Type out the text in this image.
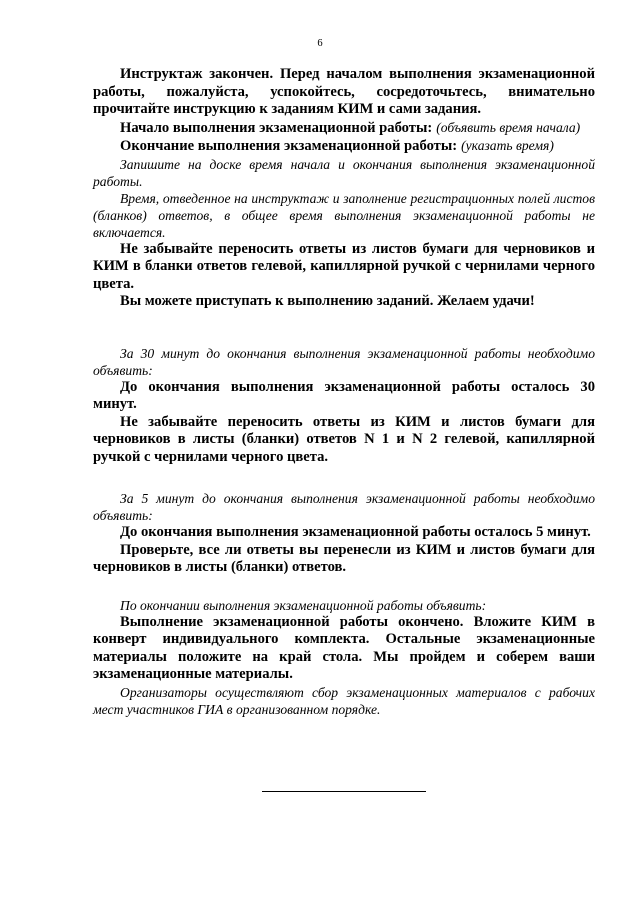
6

Инструктаж закончен. Перед началом выполнения экзаменационной работы, пожалуйста, успокойтесь, сосредоточьтесь, внимательно прочитайте инструкцию к заданиям КИМ и сами задания.

Начало выполнения экзаменационной работы: (объявить время начала)

Окончание выполнения экзаменационной работы: (указать время)

Запишите на доске время начала и окончания выполнения экзаменационной работы.

Время, отведенное на инструктаж и заполнение регистрационных полей листов (бланков) ответов, в общее время выполнения экзаменационной работы не включается.

Не забывайте переносить ответы из листов бумаги для черновиков и КИМ в бланки ответов гелевой, капиллярной ручкой с чернилами черного цвета.

Вы можете приступать к выполнению заданий. Желаем удачи!

За 30 минут до окончания выполнения экзаменационной работы необходимо объявить:

До окончания выполнения экзаменационной работы осталось 30 минут.

Не забывайте переносить ответы из КИМ и листов бумаги для черновиков в листы (бланки) ответов N 1 и N 2 гелевой, капиллярной ручкой с чернилами черного цвета.

За 5 минут до окончания выполнения экзаменационной работы необходимо объявить:

До окончания выполнения экзаменационной работы осталось 5 минут.

Проверьте, все ли ответы вы перенесли из КИМ и листов бумаги для черновиков в листы (бланки) ответов.

По окончании выполнения экзаменационной работы объявить:

Выполнение экзаменационной работы окончено. Вложите КИМ в конверт индивидуального комплекта. Остальные экзаменационные материалы положите на край стола. Мы пройдем и соберем ваши экзаменационные материалы.

Организаторы осуществляют сбор экзаменационных материалов с рабочих мест участников ГИА в организованном порядке.
